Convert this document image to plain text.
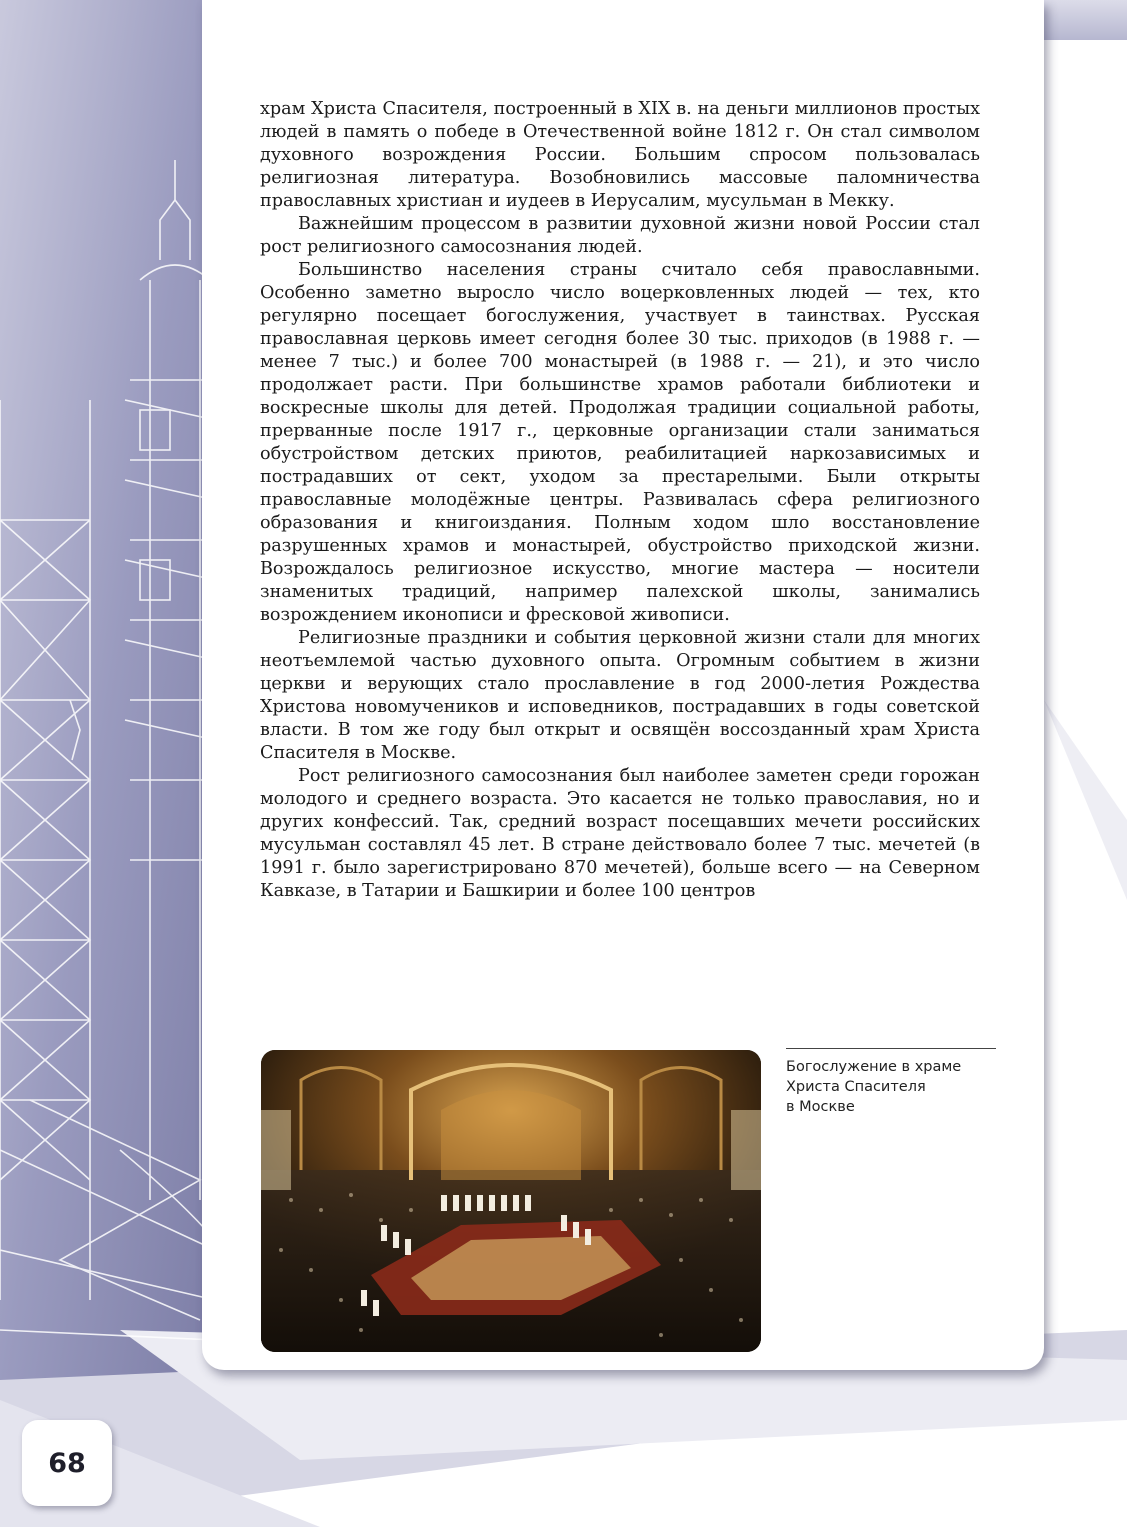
храм Христа Спасителя, построенный в XIX в. на деньги миллионов простых людей в память о победе в Отечественной войне 1812 г. Он стал символом духовного возрождения России. Большим спросом пользовалась религиозная литература. Возобновились массовые паломничества православных христиан и иудеев в Иерусалим, мусульман в Мекку.

Важнейшим процессом в развитии духовной жизни новой России стал рост религиозного самосознания людей.

Большинство населения страны считало себя православными. Особенно заметно выросло число воцерковленных людей — тех, кто регулярно посещает богослужения, участвует в таинствах. Русская православная церковь имеет сегодня более 30 тыс. приходов (в 1988 г. — менее 7 тыс.) и более 700 монастырей (в 1988 г. — 21), и это число продолжает расти. При большинстве храмов работали библиотеки и воскресные школы для детей. Продолжая традиции социальной работы, прерванные после 1917 г., церковные организации стали заниматься обустройством детских приютов, реабилитацией наркозависимых и пострадавших от сект, уходом за престарелыми. Были открыты православные молодёжные центры. Развивалась сфера религиозного образования и книгоиздания. Полным ходом шло восстановление разрушенных храмов и монастырей, обустройство приходской жизни. Возрождалось религиозное искусство, многие мастера — носители знаменитых традиций, например палехской школы, занимались возрождением иконописи и фресковой живописи.

Религиозные праздники и события церковной жизни стали для многих неотъемлемой частью духовного опыта. Огромным событием в жизни церкви и верующих стало прославление в год 2000-летия Рождества Христова новомучеников и исповедников, пострадавших в годы советской власти. В том же году был открыт и освящён воссозданный храм Христа Спасителя в Москве.

Рост религиозного самосознания был наиболее заметен среди горожан молодого и среднего возраста. Это касается не только православия, но и других конфессий. Так, средний возраст посещавших мечети российских мусульман составлял 45 лет. В стране действовало более 7 тыс. мечетей (в 1991 г. было зарегистрировано 870 мечетей), больше всего — на Северном Кавказе, в Татарии и Башкирии и более 100 центров

Богослужение в храме
Христа Спасителя
в Москве
68
